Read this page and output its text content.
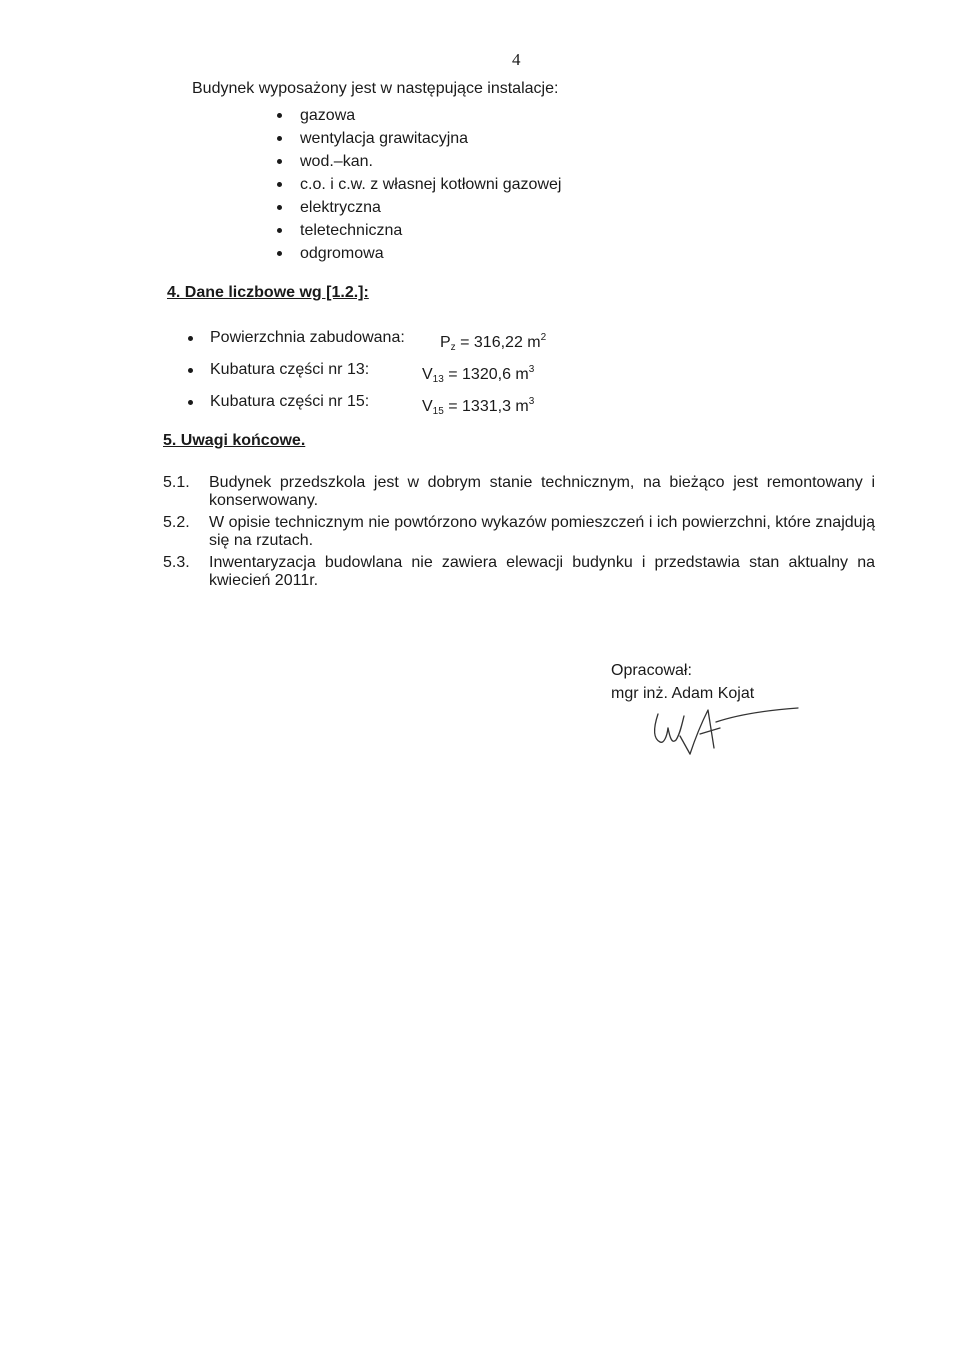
4
Budynek wyposażony jest w następujące instalacje:
gazowa
wentylacja grawitacyjna
wod.–kan.
c.o. i c.w. z własnej kotłowni gazowej
elektryczna
teletechniczna
odgromowa
4. Dane liczbowe wg [1.2.]:
Powierzchnia zabudowana: $P_z = 316,22$ $m^2$
Kubatura części nr 13:	$V_{13} = 1320,6$ $m^3$
Kubatura części nr 15:	$V_{15} = 1331,3$ $m^3$
5. Uwagi końcowe.
5.1. Budynek przedszkola jest w dobrym stanie technicznym, na bieżąco jest remontowany i konserwowany.
5.2. W opisie technicznym nie powtórzono wykazów pomieszczeń i ich powierzchni, które znajdują się na rzutach.
5.3. Inwentaryzacja budowlana nie zawiera elewacji budynku i przedstawia stan aktualny na kwiecień 2011r.
Opracował:
mgr inż. Adam Kojat
